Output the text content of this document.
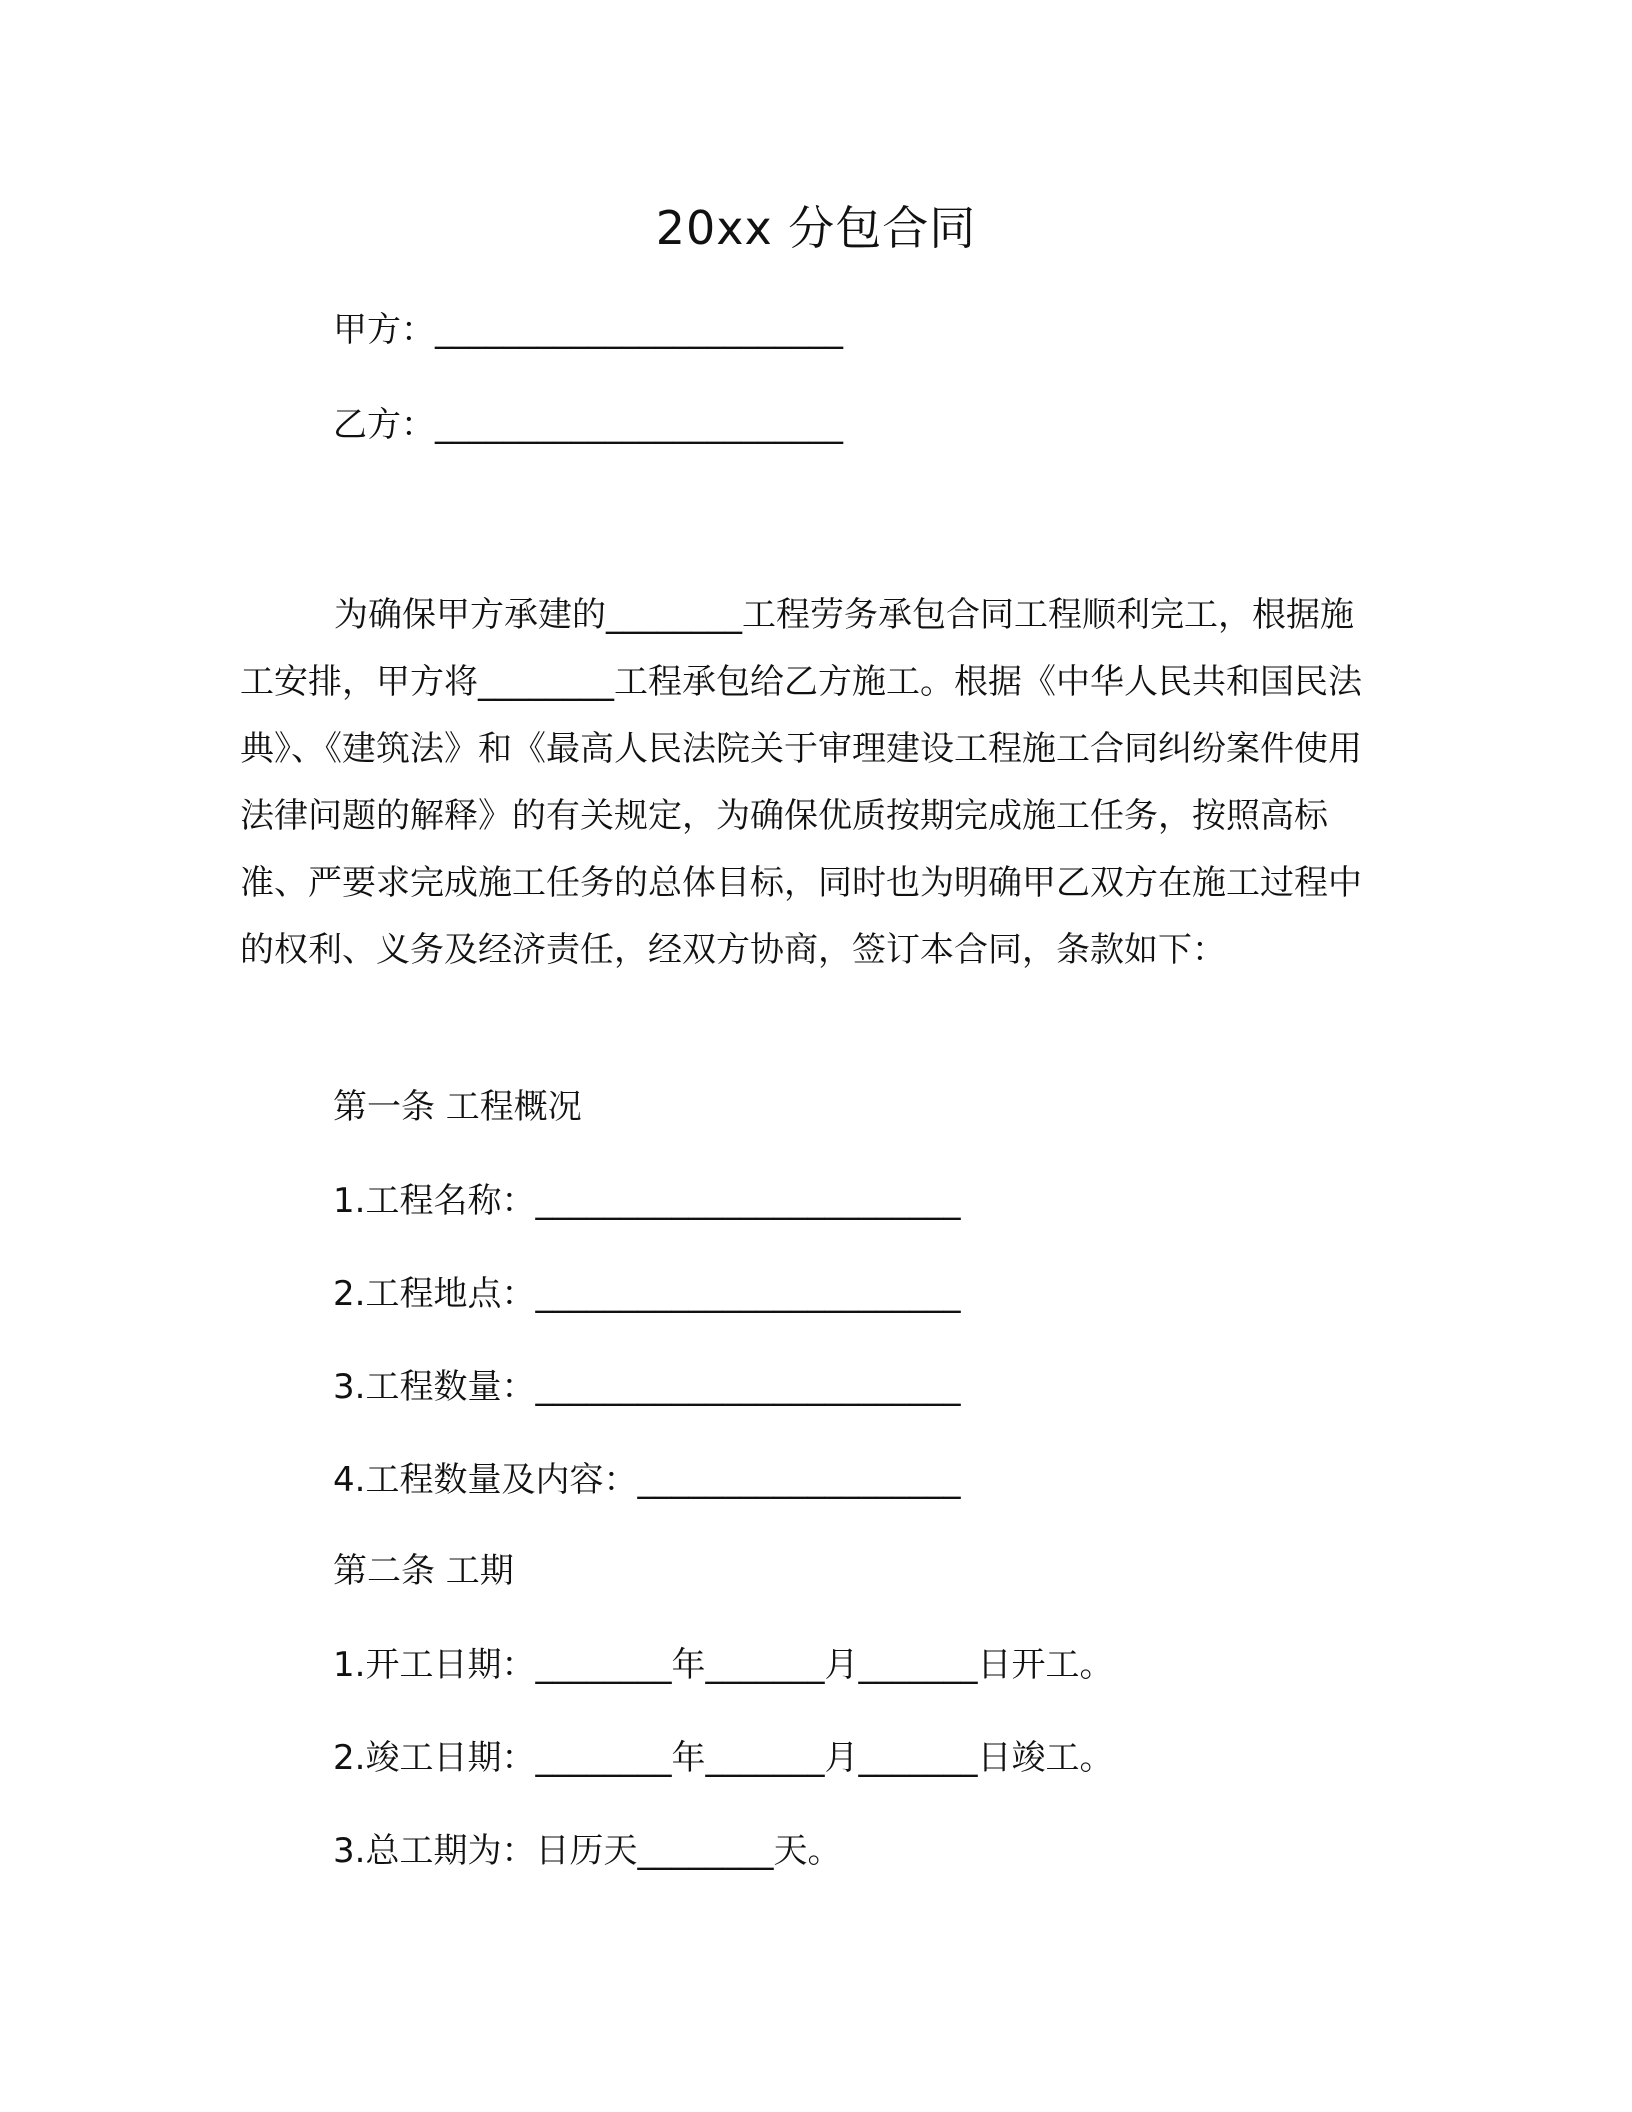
20xx 分包合同
甲方：________________________
乙方：________________________

为确保甲方承建的________工程劳务承包合同工程顺利完工，根据施工安排，甲方将________工程承包给乙方施工。根据《中华人民共和国民法典》、《建筑法》和《最高人民法院关于审理建设工程施工合同纠纷案件使用法律问题的解释》的有关规定，为确保优质按期完成施工任务，按照高标准、严要求完成施工任务的总体目标，同时也为明确甲乙双方在施工过程中的权利、义务及经济责任，经双方协商，签订本合同，条款如下：

第一条 工程概况
1.工程名称：_________________________
2.工程地点：_________________________
3.工程数量：_________________________
4.工程数量及内容：___________________
第二条 工期
1.开工日期：________年_______月_______日开工。
2.竣工日期：________年_______月_______日竣工。
3.总工期为：日历天________天。
